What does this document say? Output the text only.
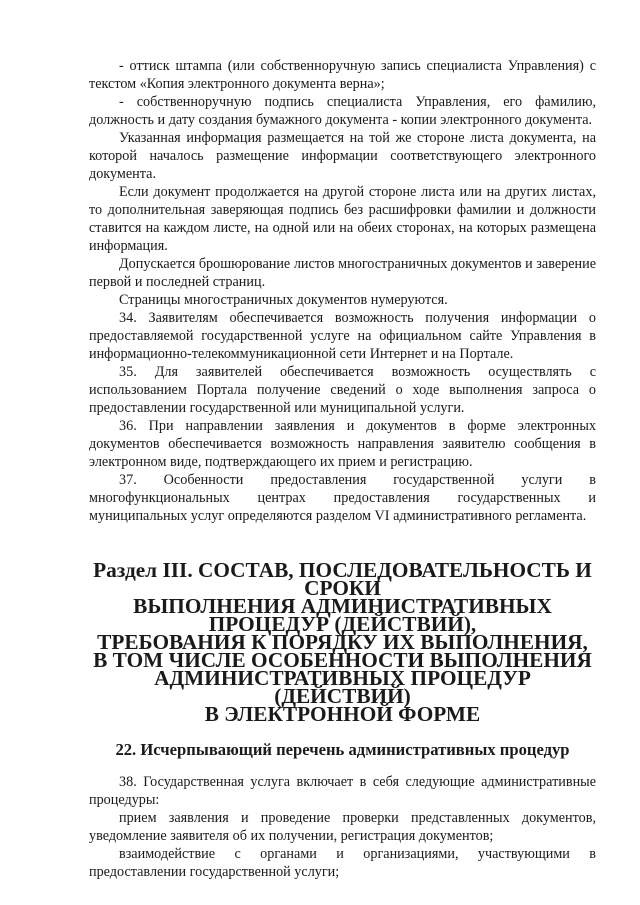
- оттиск штампа (или собственноручную запись специалиста Управления) с текстом «Копия электронного документа верна»;

- собственноручную подпись специалиста Управления, его фамилию, должность и дату создания бумажного документа - копии электронного документа.

Указанная информация размещается на той же стороне листа документа, на которой началось размещение информации соответствующего электронного документа.

Если документ продолжается на другой стороне листа или на других листах, то дополнительная заверяющая подпись без расшифровки фамилии и должности ставится на каждом листе, на одной или на обеих сторонах, на которых размещена информация.

Допускается брошюрование листов многостраничных документов и заверение первой и последней страниц.

Страницы многостраничных документов нумеруются.

34. Заявителям обеспечивается возможность получения информации о предоставляемой государственной услуге на официальном сайте Управления в информационно-телекоммуникационной сети Интернет и на Портале.

35. Для заявителей обеспечивается возможность осуществлять с использованием Портала получение сведений о ходе выполнения запроса о предоставлении государственной или муниципальной услуги.

36. При направлении заявления и документов в форме электронных документов обеспечивается возможность направления заявителю сообщения в электронном виде, подтверждающего их прием и регистрацию.

37. Особенности предоставления государственной услуги в многофункциональных центрах предоставления государственных и муниципальных услуг определяются разделом VI административного регламента.

Раздел III. СОСТАВ, ПОСЛЕДОВАТЕЛЬНОСТЬ И СРОКИ
ВЫПОЛНЕНИЯ АДМИНИСТРАТИВНЫХ ПРОЦЕДУР (ДЕЙСТВИЙ),
ТРЕБОВАНИЯ К ПОРЯДКУ ИХ ВЫПОЛНЕНИЯ,
В ТОМ ЧИСЛЕ ОСОБЕННОСТИ ВЫПОЛНЕНИЯ
АДМИНИСТРАТИВНЫХ ПРОЦЕДУР (ДЕЙСТВИЙ)
В ЭЛЕКТРОННОЙ ФОРМЕ
22. Исчерпывающий перечень административных процедур

38. Государственная услуга включает в себя следующие административные процедуры:

прием заявления и проведение проверки представленных документов, уведомление заявителя об их получении, регистрация документов;

взаимодействие с органами и организациями, участвующими в предоставлении государственной услуги;
